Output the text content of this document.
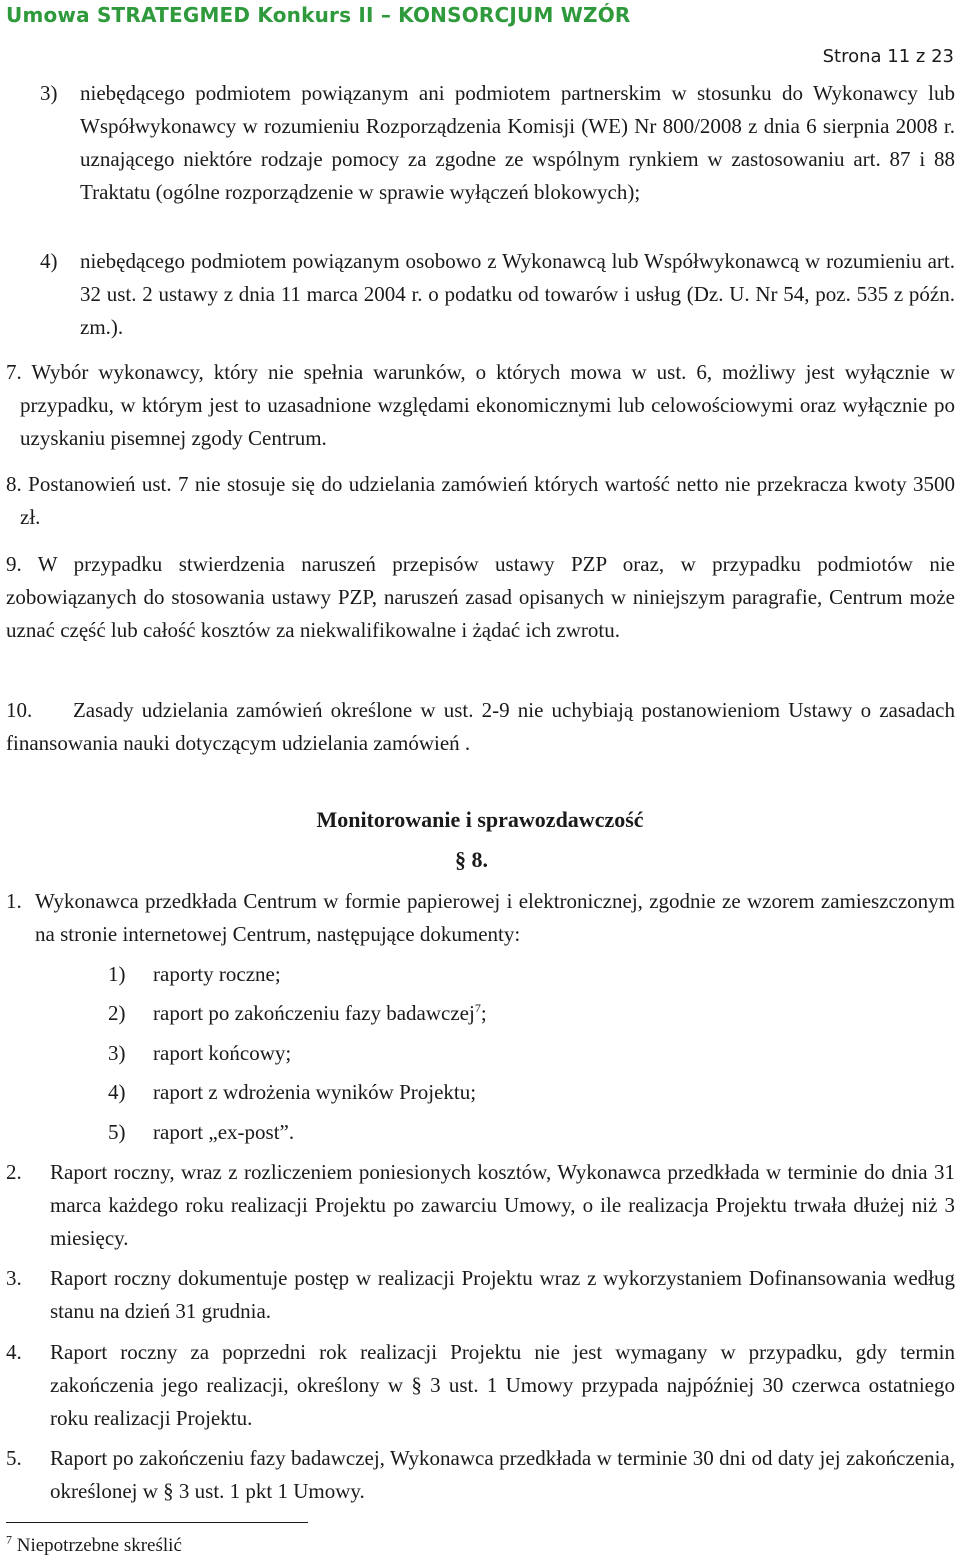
Umowa STRATEGMED Konkurs II – KONSORCJUM WZÓR
Strona 11 z 23
3) niebędącego podmiotem powiązanym ani podmiotem partnerskim w stosunku do Wykonawcy lub Współwykonawcy w rozumieniu Rozporządzenia Komisji (WE) Nr 800/2008 z dnia 6 sierpnia 2008 r. uznającego niektóre rodzaje pomocy za zgodne ze wspólnym rynkiem w zastosowaniu art. 87 i 88 Traktatu (ogólne rozporządzenie w sprawie wyłączeń blokowych);

4) niebędącego podmiotem powiązanym osobowo z Wykonawcą lub Współwykonawcą w rozumieniu art. 32 ust. 2 ustawy z dnia 11 marca 2004 r. o podatku od towarów i usług (Dz. U. Nr 54, poz. 535 z późn. zm.).

7. Wybór wykonawcy, który nie spełnia warunków, o których mowa w ust. 6, możliwy jest wyłącznie w przypadku, w którym jest to uzasadnione względami ekonomicznymi lub celowościowymi oraz wyłącznie po uzyskaniu pisemnej zgody Centrum.

8. Postanowień ust. 7 nie stosuje się do udzielania zamówień których wartość netto nie przekracza kwoty 3500 zł.

9. W przypadku stwierdzenia naruszeń przepisów ustawy PZP oraz, w przypadku podmiotów nie zobowiązanych do stosowania ustawy PZP, naruszeń zasad opisanych w niniejszym paragrafie, Centrum może uznać część lub całość kosztów za niekwalifikowalne i żądać ich zwrotu.

10.     Zasady udzielania zamówień określone w ust. 2-9 nie uchybiają postanowieniom Ustawy o zasadach finansowania nauki dotyczącym udzielania zamówień .

Monitorowanie i sprawozdawczość
§ 8.
1. Wykonawca przedkłada Centrum w formie papierowej i elektronicznej, zgodnie ze wzorem zamieszczonym na stronie internetowej Centrum, następujące dokumenty:

1) raporty roczne;
2) raport po zakończeniu fazy badawczej$^7$;
3) raport końcowy;
4) raport z wdrożenia wyników Projektu;
5) raport „ex-post”.
2. Raport roczny, wraz z rozliczeniem poniesionych kosztów, Wykonawca przedkłada w terminie do dnia 31 marca każdego roku realizacji Projektu po zawarciu Umowy, o ile realizacja Projektu trwała dłużej niż 3 miesięcy.

3. Raport roczny dokumentuje postęp w realizacji Projektu wraz z wykorzystaniem Dofinansowania według stanu na dzień 31 grudnia.

4. Raport roczny za poprzedni rok realizacji Projektu nie jest wymagany w przypadku, gdy termin zakończenia jego realizacji, określony w § 3 ust. 1 Umowy przypada najpóźniej 30 czerwca ostatniego roku realizacji Projektu.

5. Raport po zakończeniu fazy badawczej, Wykonawca przedkłada w terminie 30 dni od daty jej zakończenia, określonej w § 3 ust. 1 pkt 1 Umowy.

$^7$ Niepotrzebne skreślić
